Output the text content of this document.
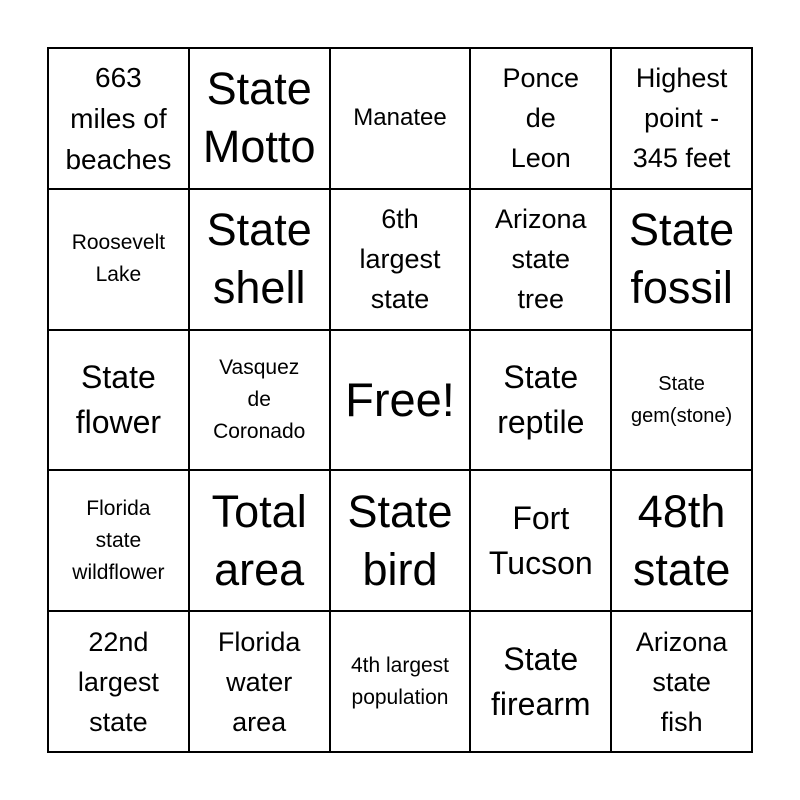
663
miles of
beaches
State
Motto
Manatee
Ponce
de
Leon
Highest
point -
345 feet
Roosevelt
Lake
State
shell
6th
largest
state
Arizona
state
tree
State
fossil
State
flower
Vasquez
de
Coronado
Free! State
reptile
State
gem(stone)
Florida
state
wildflower
Total
area
State
bird
Fort
Tucson
48th
state
22nd
largest
state
Florida
water
area
4th largest
population
State
firearm
Arizona
state
fish
